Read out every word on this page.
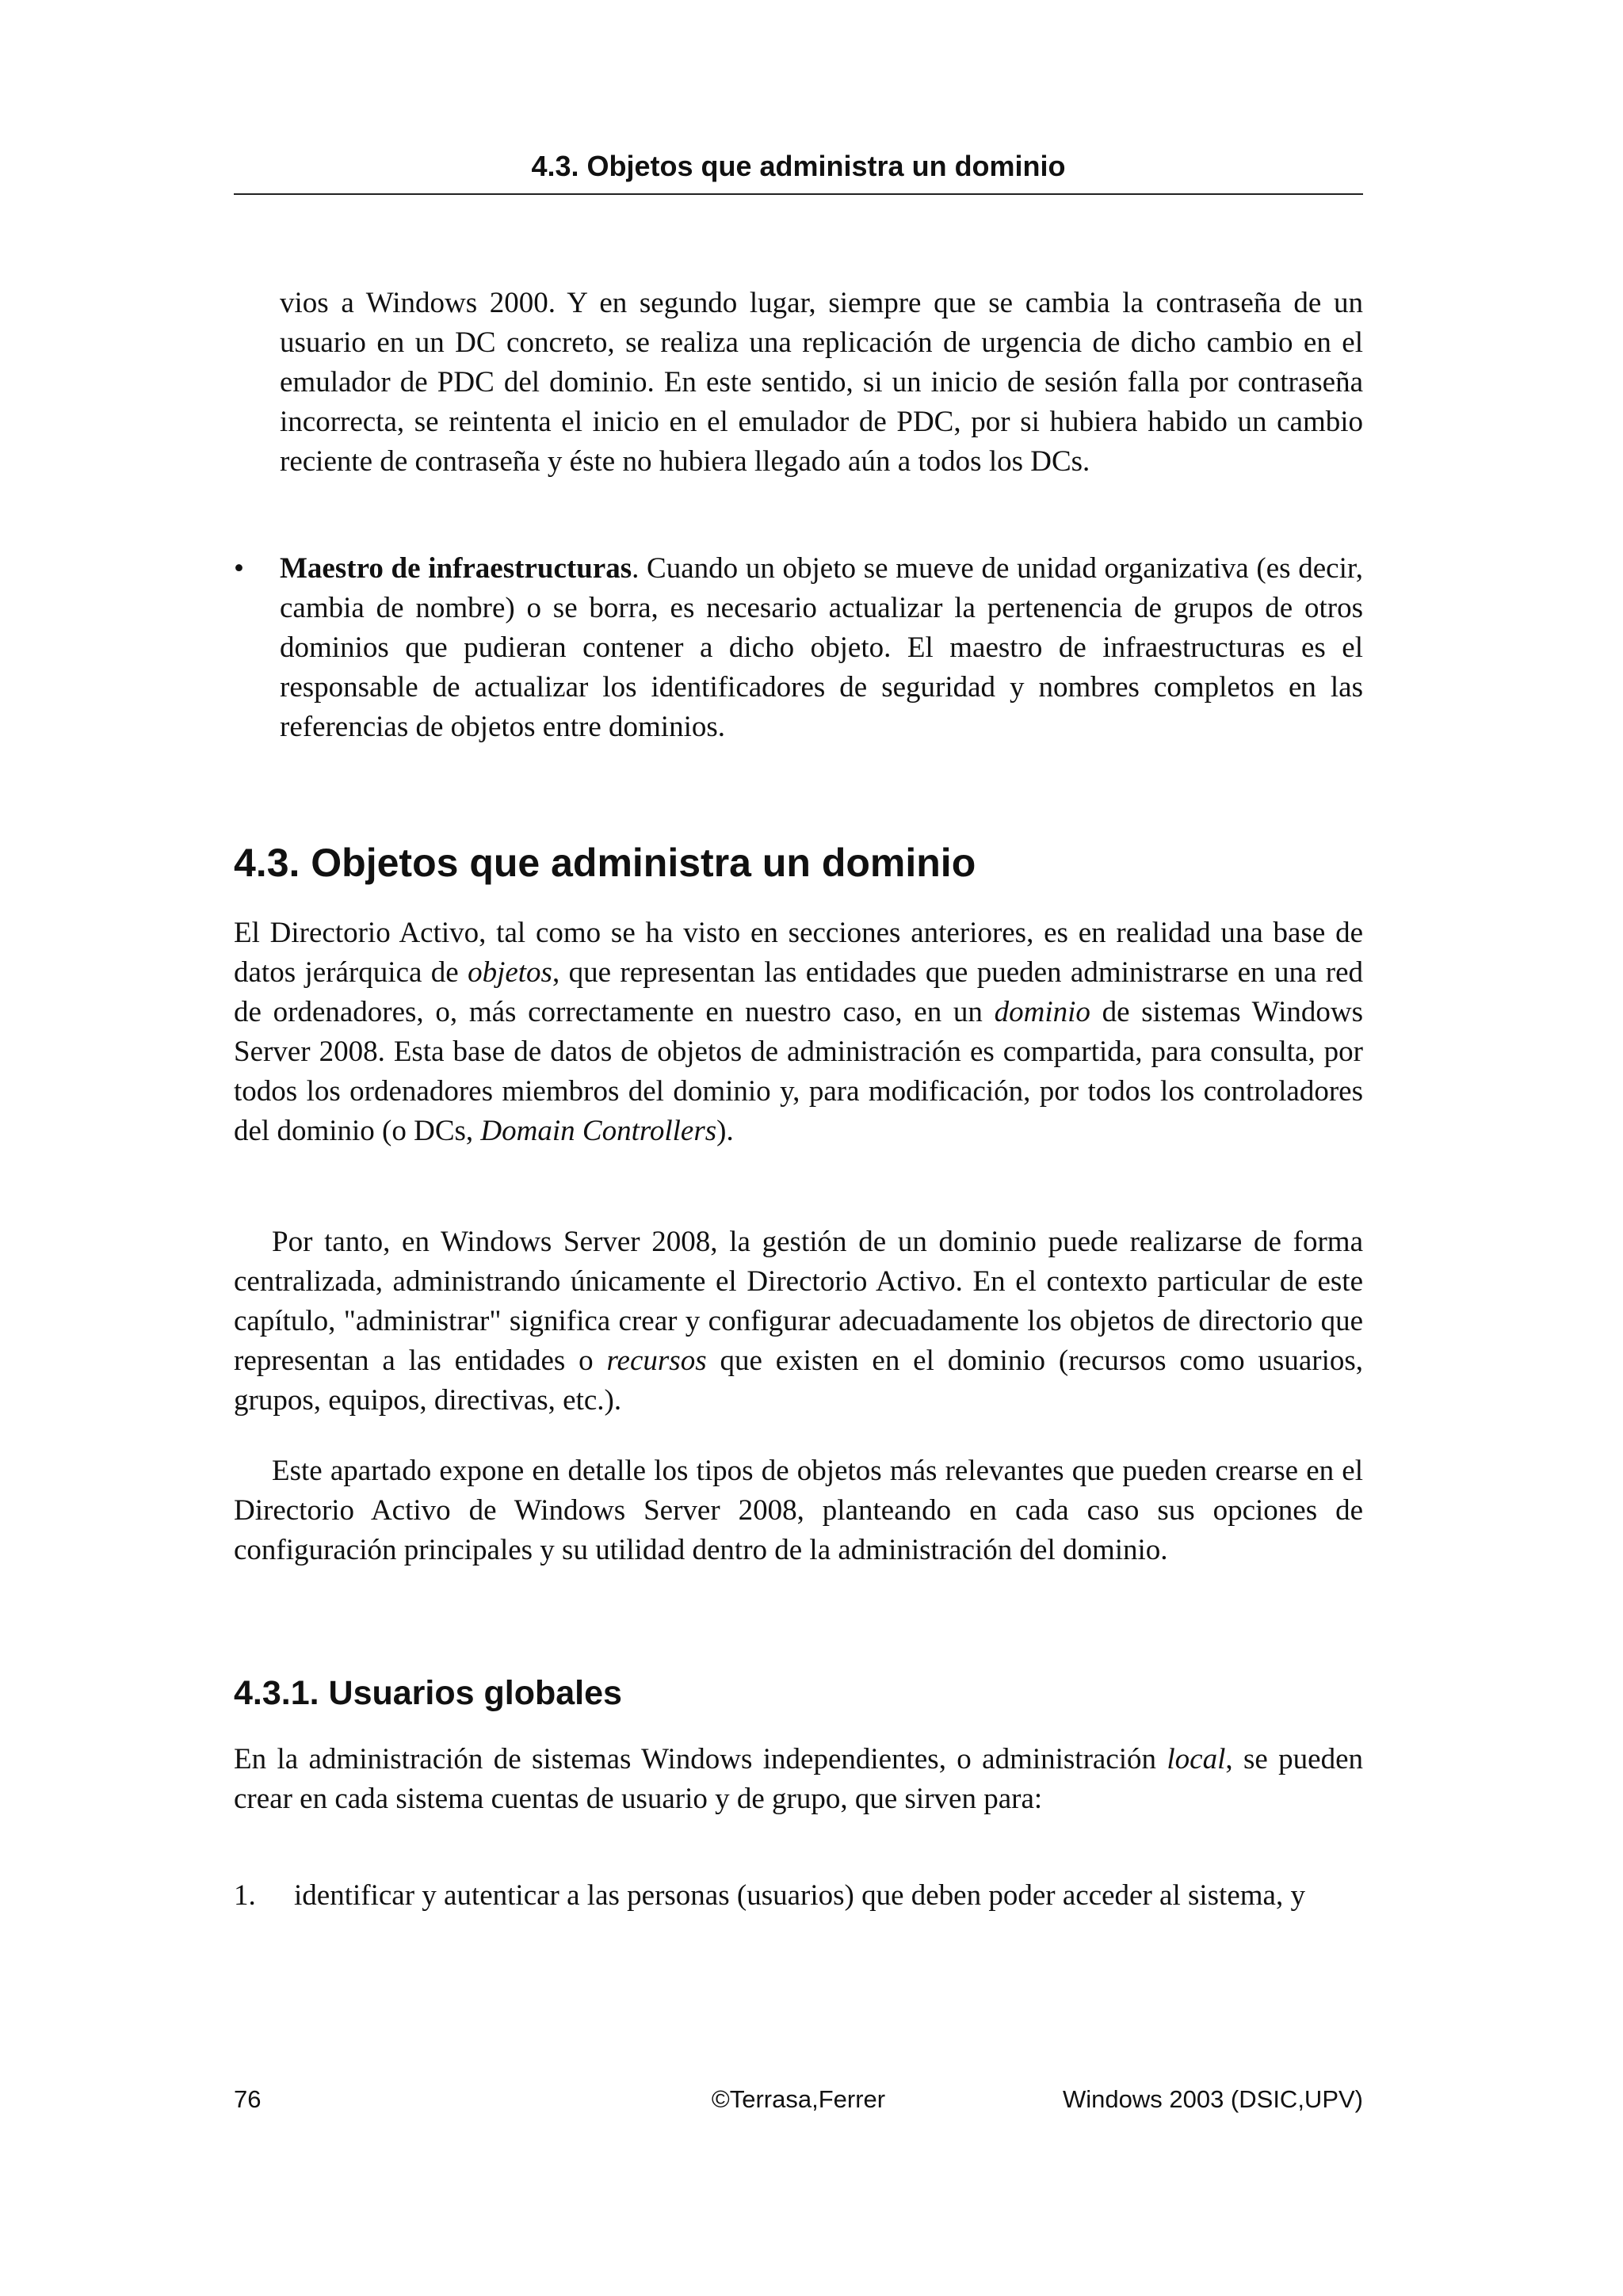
4.3. Objetos que administra un dominio

vios a Windows 2000. Y en segundo lugar, siempre que se cambia la contraseña de un usuario en un DC concreto, se realiza una replicación de urgencia de dicho cambio en el emulador de PDC del dominio. En este sentido, si un inicio de sesión falla por contraseña incorrecta, se reintenta el inicio en el emulador de PDC, por si hubiera habido un cambio reciente de contraseña y éste no hubiera llegado aún a todos los DCs.

•	Maestro de infraestructuras. Cuando un objeto se mueve de unidad organizativa (es decir, cambia de nombre) o se borra, es necesario actualizar la pertenencia de grupos de otros dominios que pudieran contener a dicho objeto. El maestro de infraestructuras es el responsable de actualizar los identificadores de seguridad y nombres completos en las referencias de objetos entre dominios.

4.3. Objetos que administra un dominio

El Directorio Activo, tal como se ha visto en secciones anteriores, es en realidad una base de datos jerárquica de objetos, que representan las entidades que pueden administrarse en una red de ordenadores, o, más correctamente en nuestro caso, en un dominio de sistemas Windows Server 2008. Esta base de datos de objetos de administración es compartida, para consulta, por todos los ordenadores miembros del dominio y, para modificación, por todos los controladores del dominio (o DCs, Domain Controllers).

Por tanto, en Windows Server 2008, la gestión de un dominio puede realizarse de forma centralizada, administrando únicamente el Directorio Activo. En el contexto particular de este capítulo, "administrar" significa crear y configurar adecuadamente los objetos de directorio que representan a las entidades o recursos que existen en el dominio (recursos como usuarios, grupos, equipos, directivas, etc.).

Este apartado expone en detalle los tipos de objetos más relevantes que pueden crearse en el Directorio Activo de Windows Server 2008, planteando en cada caso sus opciones de configuración principales y su utilidad dentro de la administración del dominio.

4.3.1. Usuarios globales

En la administración de sistemas Windows independientes, o administración local, se pueden crear en cada sistema cuentas de usuario y de grupo, que sirven para:

1.	identificar y autenticar a las personas (usuarios) que deben poder acceder al sistema, y

76	©Terrasa,Ferrer	Windows 2003 (DSIC,UPV)
